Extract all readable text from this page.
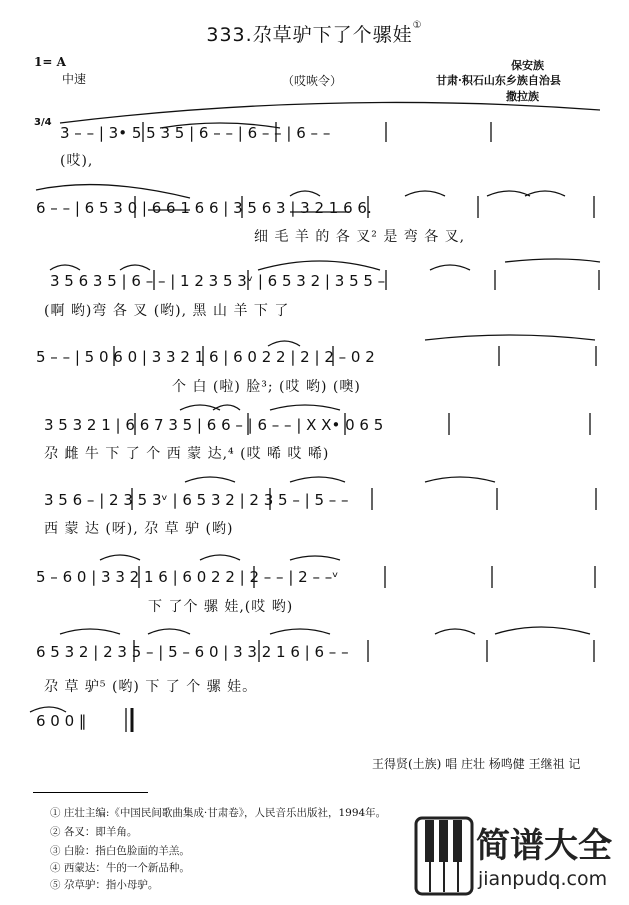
333.尕草驴下了个骡娃①
1= A
中速	（哎咴令）
保安族
甘肃·积石山东乡族自治县
撒拉族
3/4
3 – – | 3• 5 5 3 5 | 6 – – | 6 – – | 6 – –
(哎),
6 – – | 6 5 3 0 | 6 6 1 6 6 | 3 5 6 3 | 3 2 1 6 6.
细 毛 羊 的 各 叉² 是 弯 各 叉,
3 5 6 3 5 | 6 – – | 1 2 3 5 3ᵛ | 6 5 3 2 | 3 5 5 –
(啊 哟)弯 各 叉 (哟), 黑 山 羊 下 了
5 – – | 5 0 6 0 | 3 3 2 1 6 | 6 0 2 2 | 2 | 2 – 0 2
个 白 (啦) 脸³; (哎 哟) (噢)
3 5 3 2 1 | 6 6 7 3 5 | 6 6 – | 6 – – | X X• 0 6 5
尕 雌 牛 下 了 个 西 蒙 达,⁴ (哎 唏 哎 唏)
3 5 6 – | 2 3 5 3ᵛ | 6 5 3 2 | 2 3 5 – | 5 – –
西 蒙 达 (呀), 尕 草 驴 (哟)
5 – 6 0 | 3 3 2 1 6 | 6 0 2 2 | 2 – – | 2 – –ᵛ
下 了个 骡 娃,(哎 哟)
6 5 3 2 | 2 3 5 – | 5 – 6 0 | 3 3 2 1 6 | 6 – –
尕 草 驴⁵ (哟) 下 了 个 骡 娃。
6 0 0 ‖
王得贤(土族) 唱 庄壮 杨鸣健 王继祖 记
① 庄壮主编:《中国民间歌曲集成·甘肃卷》，人民音乐出版社，1994年。
② 各叉：即羊角。
③ 白脸：指白色脸面的羊羔。
④ 西蒙达：牛的一个新品种。
⑤ 尕草驴：指小母驴。
简谱大全
jianpudq.com
